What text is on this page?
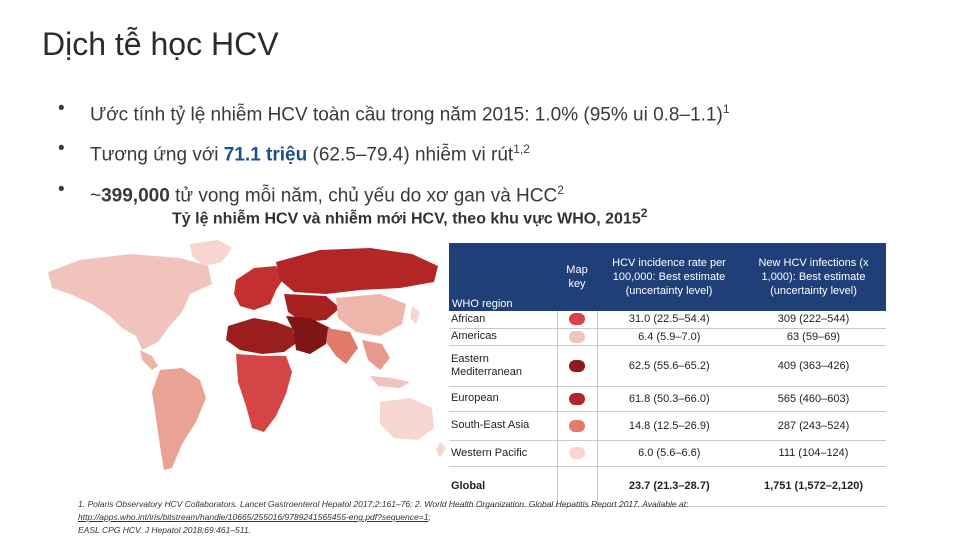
Dịch tễ học HCV
• Ước tính tỷ lệ nhiễm HCV toàn cầu trong năm 2015: 1.0% (95% ui 0.8–1.1)$^1$
• Tương ứng với 71.1 triệu (62.5–79.4) nhiễm vi rút$^{1,2}$
• ~399,000 tử vong mỗi năm, chủ yếu do xơ gan và HCC$^2$
Tỷ lệ nhiễm HCV và nhiễm mới HCV, theo khu vực WHO, 2015$^2$
WHO region	Map key	HCV incidence rate per 100,000: Best estimate (uncertainty level)	New HCV infections (x 1,000): Best estimate (uncertainty level)
African		31.0 (22.5–54.4)	309 (222–544)
Americas		6.4 (5.9–7.0)	63 (59–69)
Eastern Mediterranean		62.5 (55.6–65.2)	409 (363–426)
European		61.8 (50.3–66.0)	565 (460–603)
South-East Asia		14.8 (12.5–26.9)	287 (243–524)
Western Pacific		6.0 (5.6–6.6)	111 (104–124)
Global		23.7 (21.3–28.7)	1,751 (1,572–2,120)
1. Polaris Observatory HCV Collaborators. Lancet Gastroenterol Hepatol 2017;2:161–76; 2. World Health Organization. Global Hepatitis Report 2017. Available at:
http://apps.who.int/iris/bitstream/handle/10665/255016/9789241565455-eng.pdf?sequence=1;
EASL CPG HCV. J Hepatol 2018;69:461–511.
